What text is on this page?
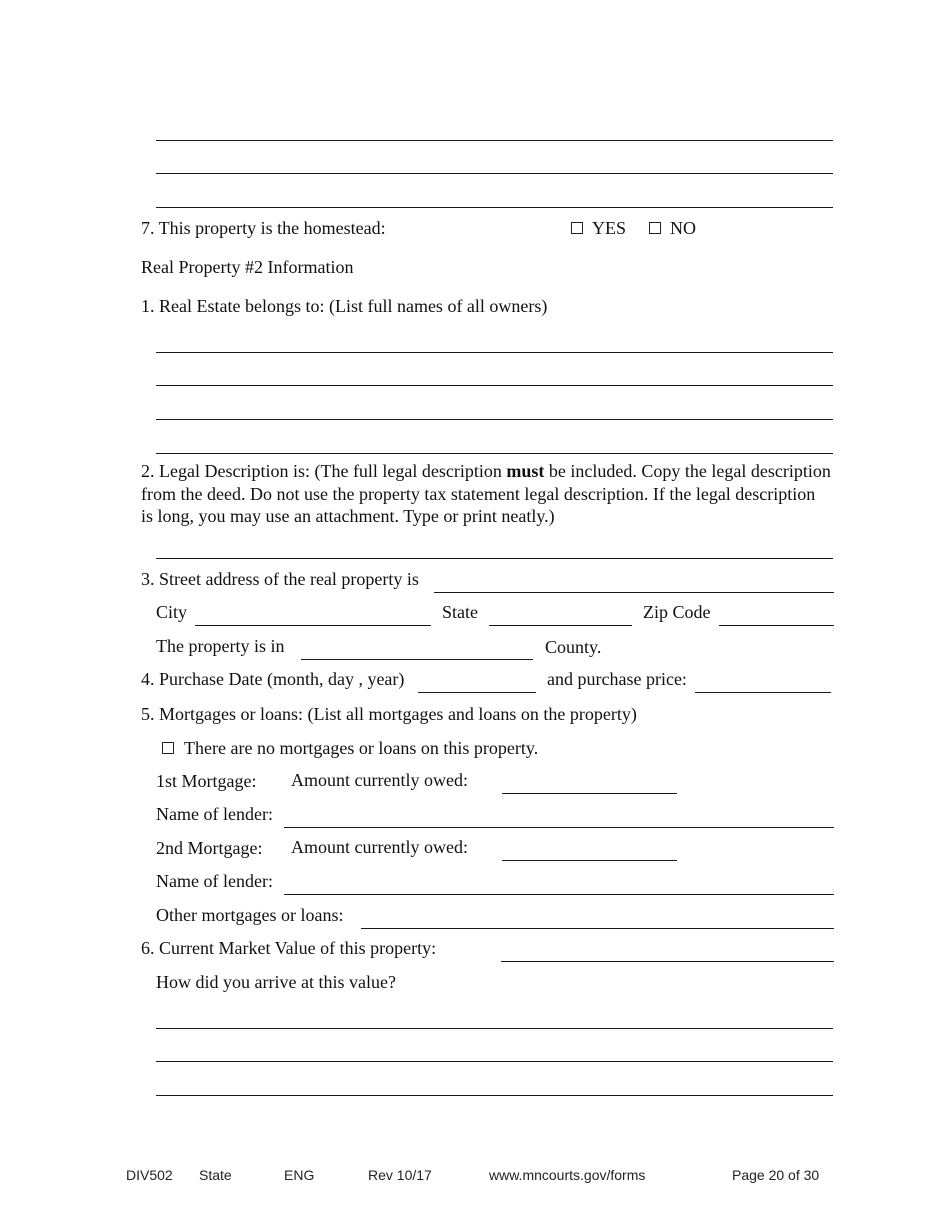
7. This property is the homestead:	YES NO
Real Property #2 Information
1. Real Estate belongs to: (List full names of all owners)
2. Legal Description is: (The full legal description must be included. Copy the legal description from the deed. Do not use the property tax statement legal description. If the legal description is long, you may use an attachment. Type or print neatly.)
3. Street address of the real property is
City	State	Zip Code
The property is in	County.
4. Purchase Date (month, day , year)	and purchase price:
5. Mortgages or loans: (List all mortgages and loans on the property)
There are no mortgages or loans on this property.
1st Mortgage: Amount currently owed:
Name of lender:
2nd Mortgage: Amount currently owed:
Name of lender:
Other mortgages or loans:
6. Current Market Value of this property:
How did you arrive at this value?
DIV502 State	ENG	Rev 10/17	www.mncourts.gov/forms	Page 20 of 30
